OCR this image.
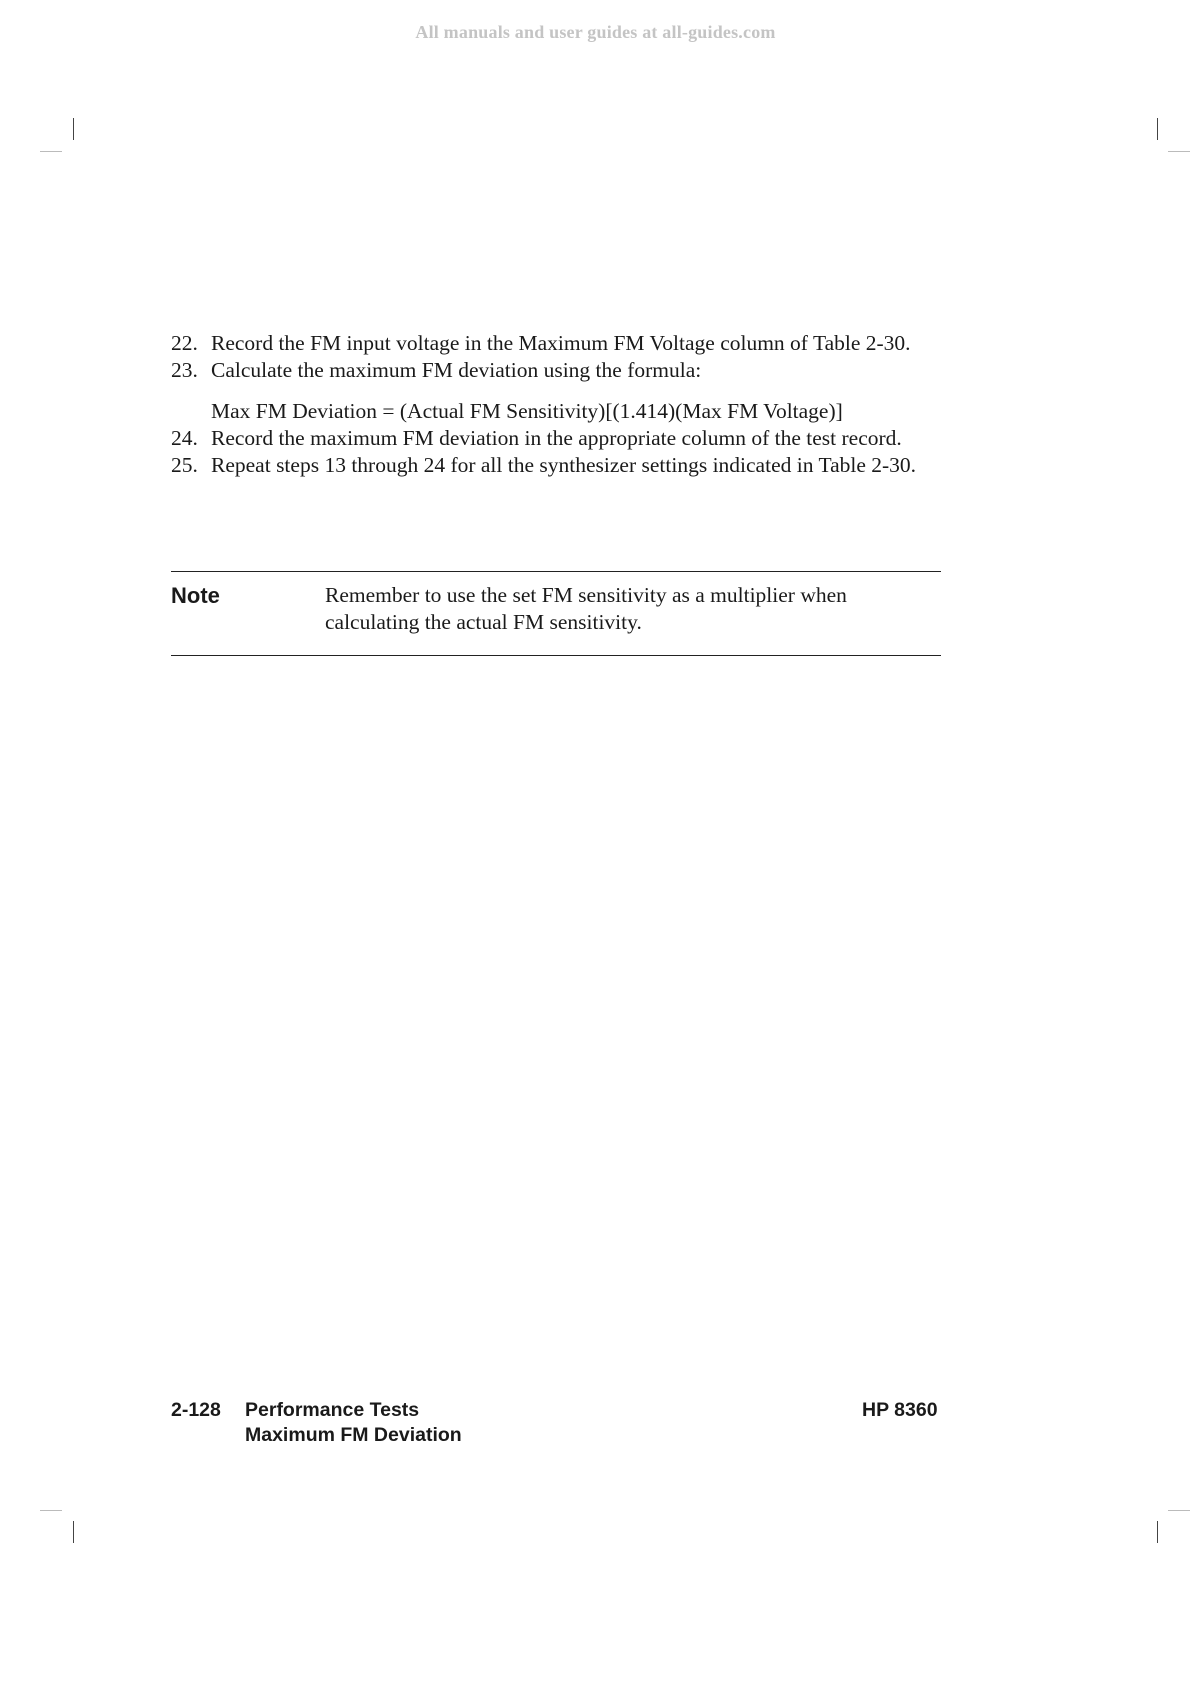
All manuals and user guides at all-guides.com
22. Record the FM input voltage in the Maximum FM Voltage column of Table 2-30.
23. Calculate the maximum FM deviation using the formula:
Max FM Deviation = (Actual FM Sensitivity)[(1.414)(Max FM Voltage)]
24. Record the maximum FM deviation in the appropriate column of the test record.
25. Repeat steps 13 through 24 for all the synthesizer settings indicated in Table 2-30.
Note	Remember to use the set FM sensitivity as a multiplier when calculating the actual FM sensitivity.
2-128 Performance Tests
Maximum FM Deviation
HP 8360
